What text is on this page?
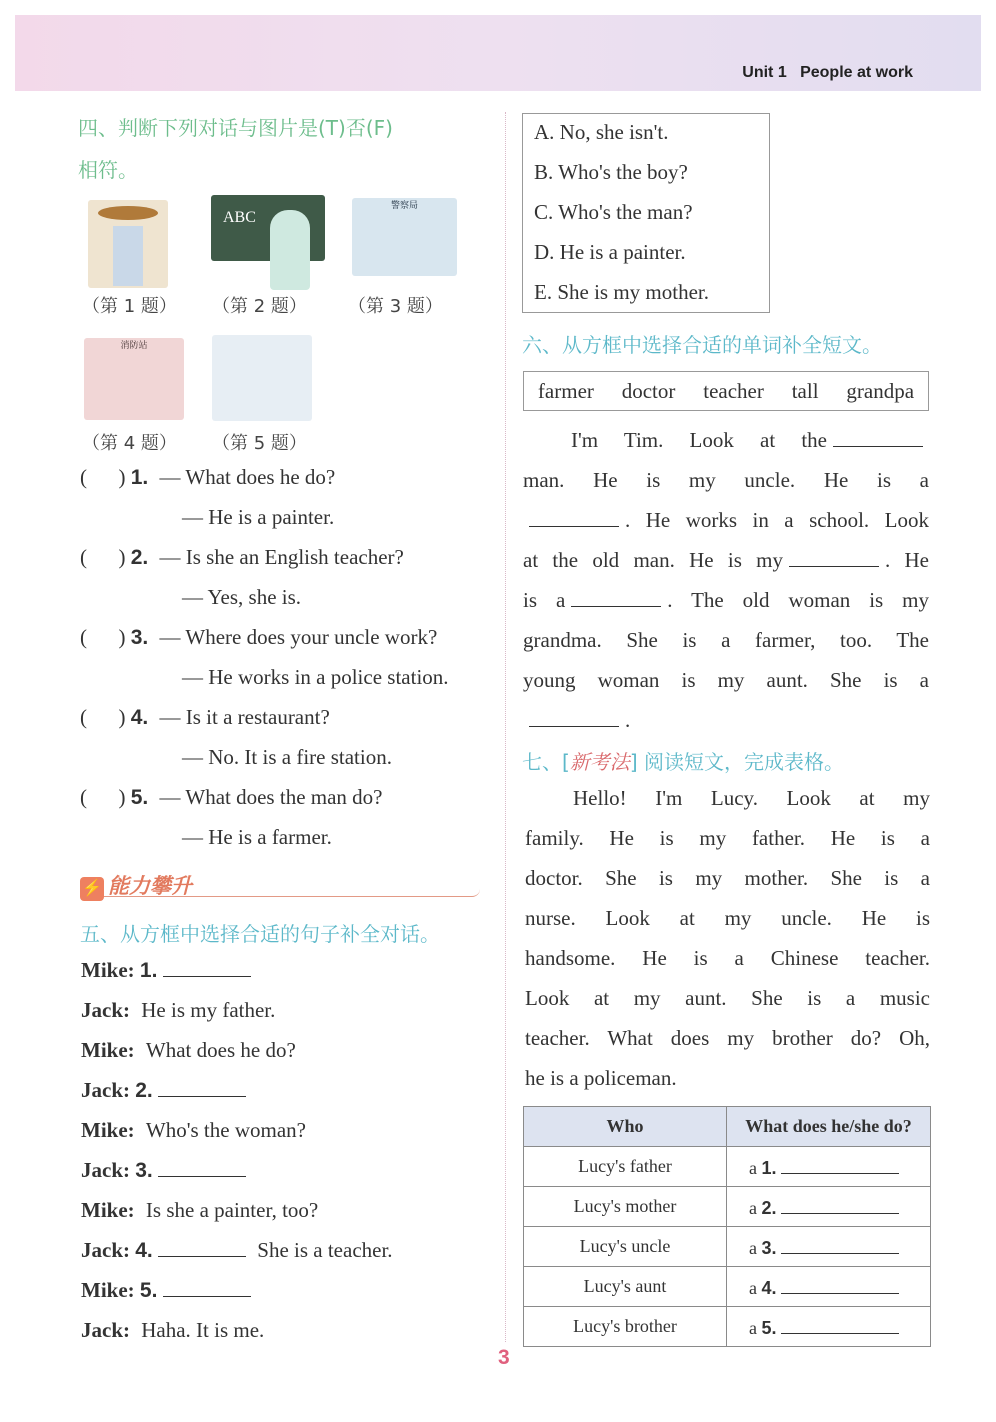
Unit 1 People at work
四、判断下列对话与图片是(T)否(F)
相符。
ABC
警察局
消防站
（第 1 题） （第 2 题） （第 3 题）
（第 4 题） （第 5 题）
(      ) 1. — What does he do?
— He is a painter.
(      ) 2. — Is she an English teacher?
— Yes, she is.
(      ) 3. — Where does your uncle work?
— He works in a police station.
(      ) 4. — Is it a restaurant?
— No. It is a fire station.
(      ) 5. — What does the man do?
— He is a farmer.
⚡ 能力攀升
五、从方框中选择合适的句子补全对话。
Mike: 1.
Jack: He is my father.
Mike: What does he do?
Jack: 2.
Mike: Who's the woman?
Jack: 3.
Mike: Is she a painter, too?
Jack: 4.	She is a teacher.
Mike: 5.
Jack: Haha. It is me.
A. No, she isn't.
B. Who's the boy?
C. Who's the man?
D. He is a painter.
E. She is my mother.
六、从方框中选择合适的单词补全短文。
farmer doctor teacher tall grandpa
I'm Tim. Look at the
man. He is my uncle. He is a
. He works in a school. Look
at the old man. He is my	. He
is a	. The old woman is my
grandma. She is a farmer, too. The
young woman is my aunt. She is a
.
七、[新考法] 阅读短文，完成表格。
Hello! I'm Lucy. Look at my
family. He is my father. He is a
doctor. She is my mother. She is a
nurse. Look at my uncle. He is
handsome. He is a Chinese teacher.
Look at my aunt. She is a music
teacher. What does my brother do? Oh,
he is a policeman.
Who	What does he/she do?
Lucy's father	a 1.
Lucy's mother	a 2.
Lucy's uncle	a 3.
Lucy's aunt	a 4.
Lucy's brother	a 5.
3
